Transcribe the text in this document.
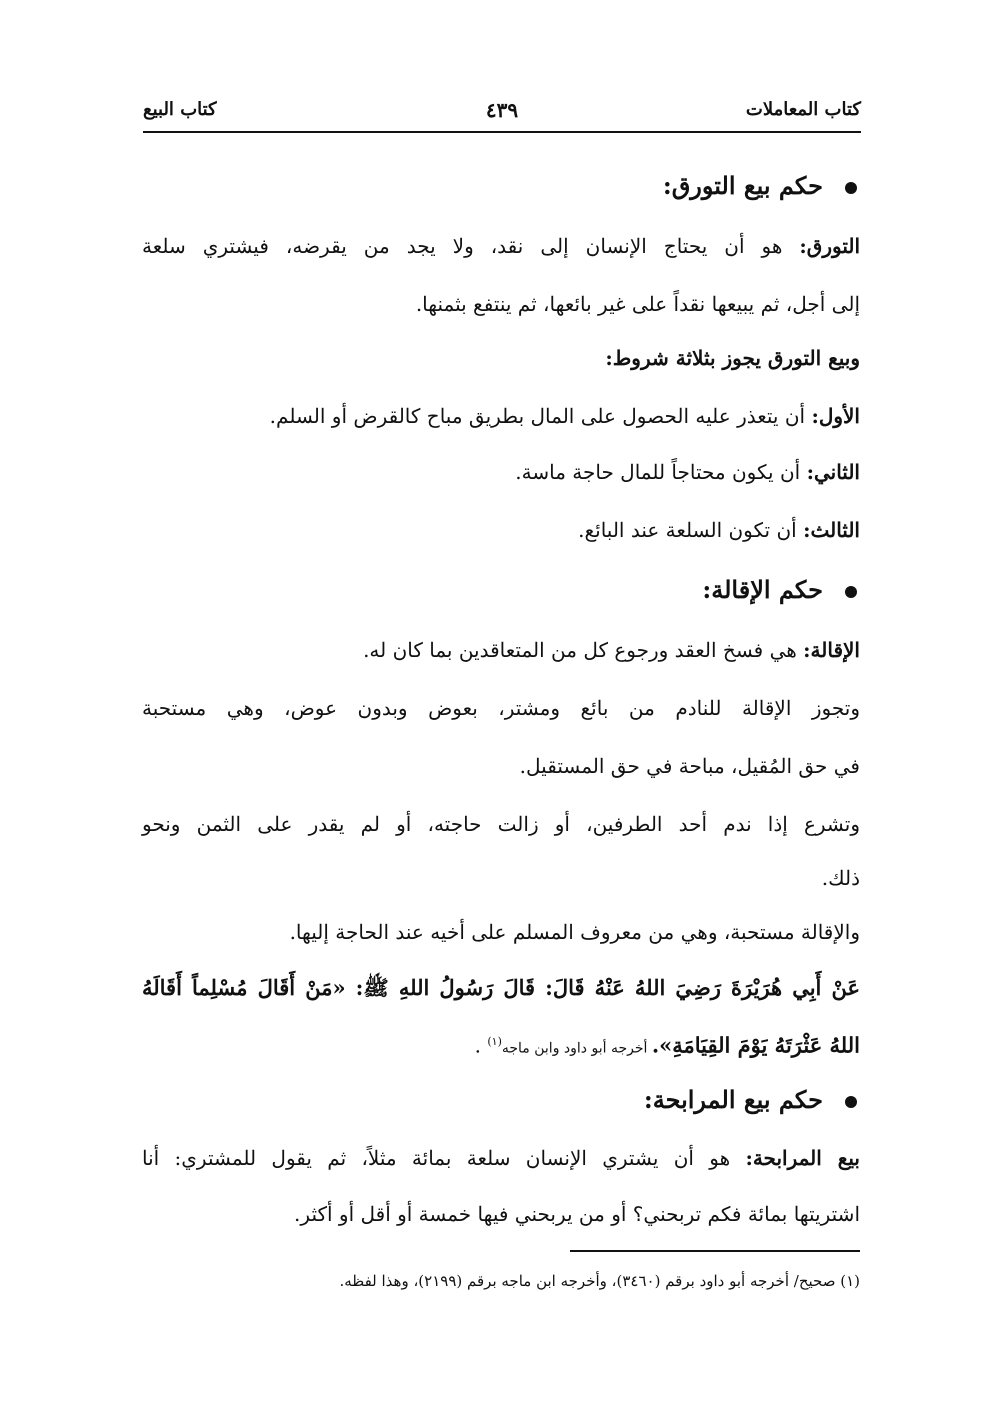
كتاب المعاملات
٤٣٩
كتاب البيع
حكم بيع التورق:
التورق: هو أن يحتاج الإنسان إلى نقد، ولا يجد من يقرضه، فيشتري سلعة
إلى أجل، ثم يبيعها نقداً على غير بائعها، ثم ينتفع بثمنها.
وبيع التورق يجوز بثلاثة شروط:
الأول: أن يتعذر عليه الحصول على المال بطريق مباح كالقرض أو السلم.
الثاني: أن يكون محتاجاً للمال حاجة ماسة.
الثالث: أن تكون السلعة عند البائع.
حكم الإقالة:
الإقالة: هي فسخ العقد ورجوع كل من المتعاقدين بما كان له.
وتجوز الإقالة للنادم من بائع ومشتر، بعوض وبدون عوض، وهي مستحبة
في حق المُقيل، مباحة في حق المستقيل.
وتشرع إذا ندم أحد الطرفين، أو زالت حاجته، أو لم يقدر على الثمن ونحو
ذلك.
والإقالة مستحبة، وهي من معروف المسلم على أخيه عند الحاجة إليها.
عَنْ أَبِي هُرَيْرَةَ رَضِيَ اللهُ عَنْهُ قَالَ: قَالَ رَسُولُ اللهِ ﷺ: «مَنْ أَقَالَ مُسْلِماً أَقَالَهُ
اللهُ عَثْرَتَهُ يَوْمَ القِيَامَةِ». أخرجه أبو داود وابن ماجه$^{(١)}$ .
حكم بيع المرابحة:
بيع المرابحة: هو أن يشتري الإنسان سلعة بمائة مثلاً، ثم يقول للمشتري: أنا
اشتريتها بمائة فكم تربحني؟ أو من يربحني فيها خمسة أو أقل أو أكثر.
(١) صحيح/ أخرجه أبو داود برقم (٣٤٦٠)، وأخرجه ابن ماجه برقم (٢١٩٩)، وهذا لفظه.
